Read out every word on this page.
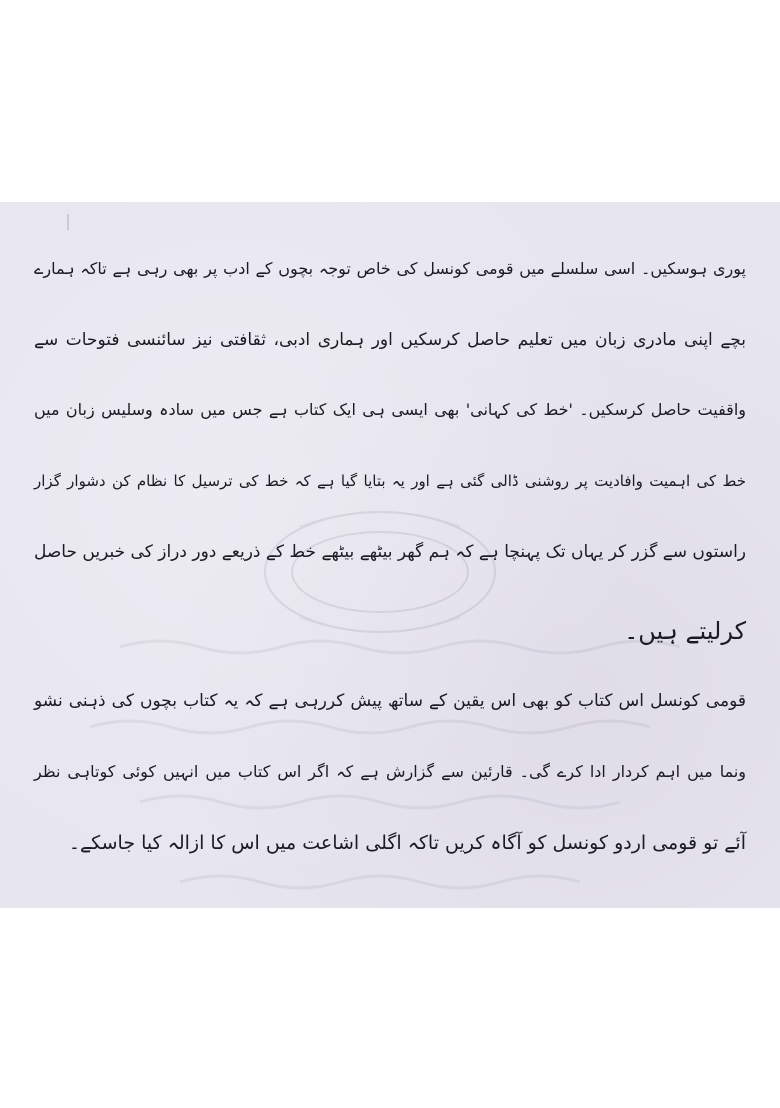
پوری ہوسکیں۔ اسی سلسلے میں قومی کونسل کی خاص توجہ بچوں کے ادب پر بھی رہی ہے تاکہ ہمارے
بچے اپنی مادری زبان میں تعلیم حاصل کرسکیں اور ہماری ادبی، ثقافتی نیز سائنسی فتوحات سے
واقفیت حاصل کرسکیں۔ 'خط کی کہانی' بھی ایسی ہی ایک کتاب ہے جس میں سادہ وسلیس زبان میں
خط کی اہمیت وافادیت پر روشنی ڈالی گئی ہے اور یہ بتایا گیا ہے کہ خط کی ترسیل کا نظام کن دشوار گزار
راستوں سے گزر کر یہاں تک پہنچا ہے کہ ہم گھر بیٹھے بیٹھے خط کے ذریعے دور دراز کی خبریں حاصل
کرلیتے ہیں۔
قومی کونسل اس کتاب کو بھی اس یقین کے ساتھ پیش کررہی ہے کہ یہ کتاب بچوں کی ذہنی نشو
ونما میں اہم کردار ادا کرے گی۔ قارئین سے گزارش ہے کہ اگر اس کتاب میں انہیں کوئی کوتاہی نظر
آئے تو قومی اردو کونسل کو آگاہ کریں تاکہ اگلی اشاعت میں اس کا ازالہ کیا جاسکے۔
